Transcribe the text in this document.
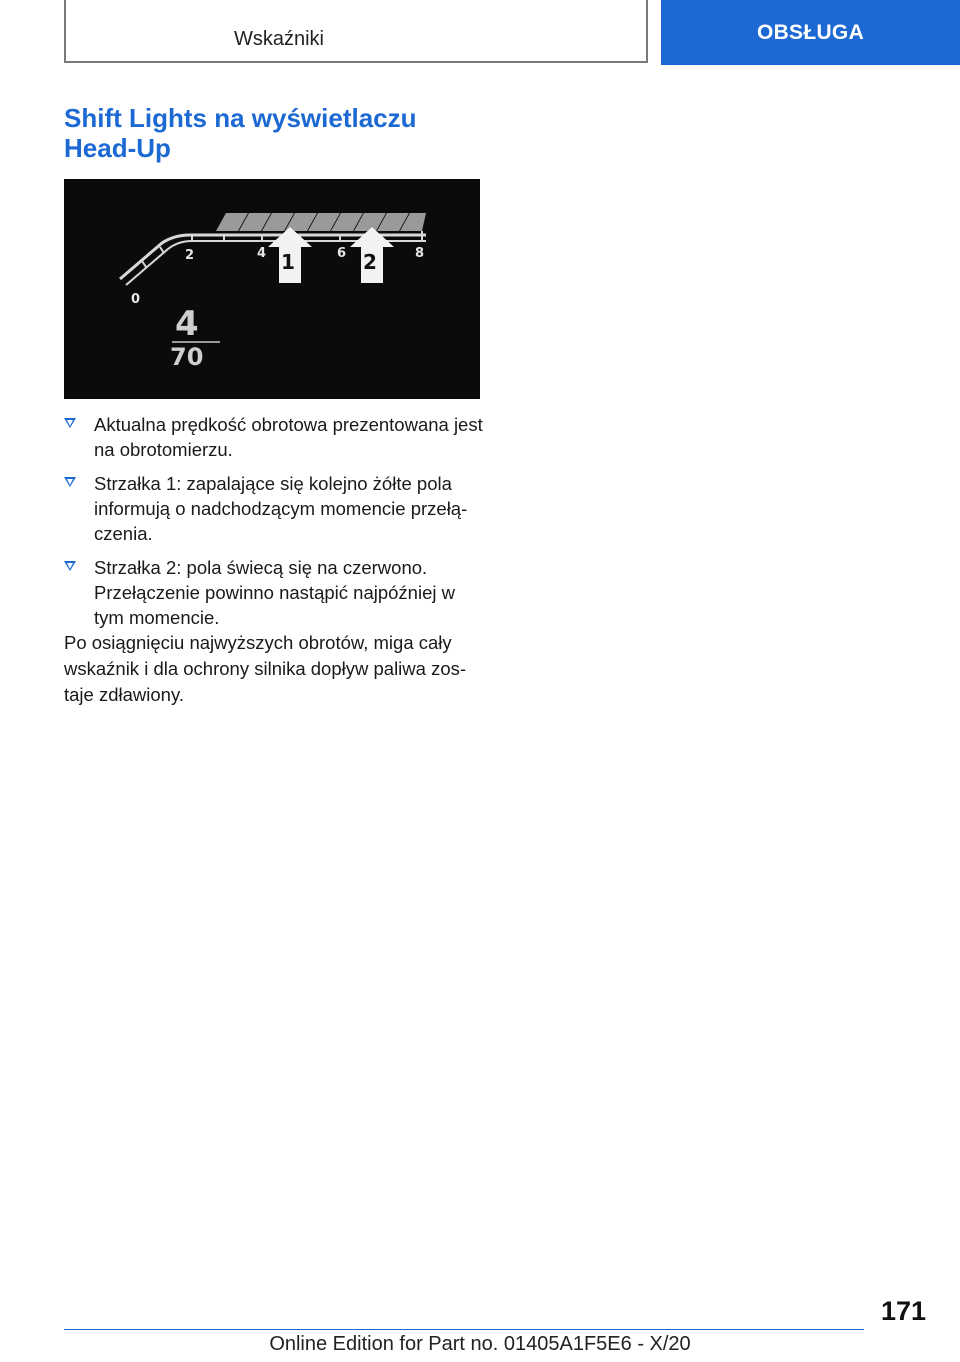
Wskaźniki	OBSŁUGA
Shift Lights na wyświetlaczu Head-Up
0
2	4	6	8
1	2
4
70
Aktualna prędkość obrotowa prezentowana jest na obrotomierzu.
Strzałka 1: zapalające się kolejno żółte pola informują o nadchodzącym momencie przełą‐ czenia.
Strzałka 2: pola świecą się na czerwono. Przełączenie powinno nastąpić najpóźniej w tym momencie.

Po osiągnięciu najwyższych obrotów, miga cały wskaźnik i dla ochrony silnika dopływ paliwa zos‐ taje zdławiony.

171
Online Edition for Part no. 01405A1F5E6 - X/20
